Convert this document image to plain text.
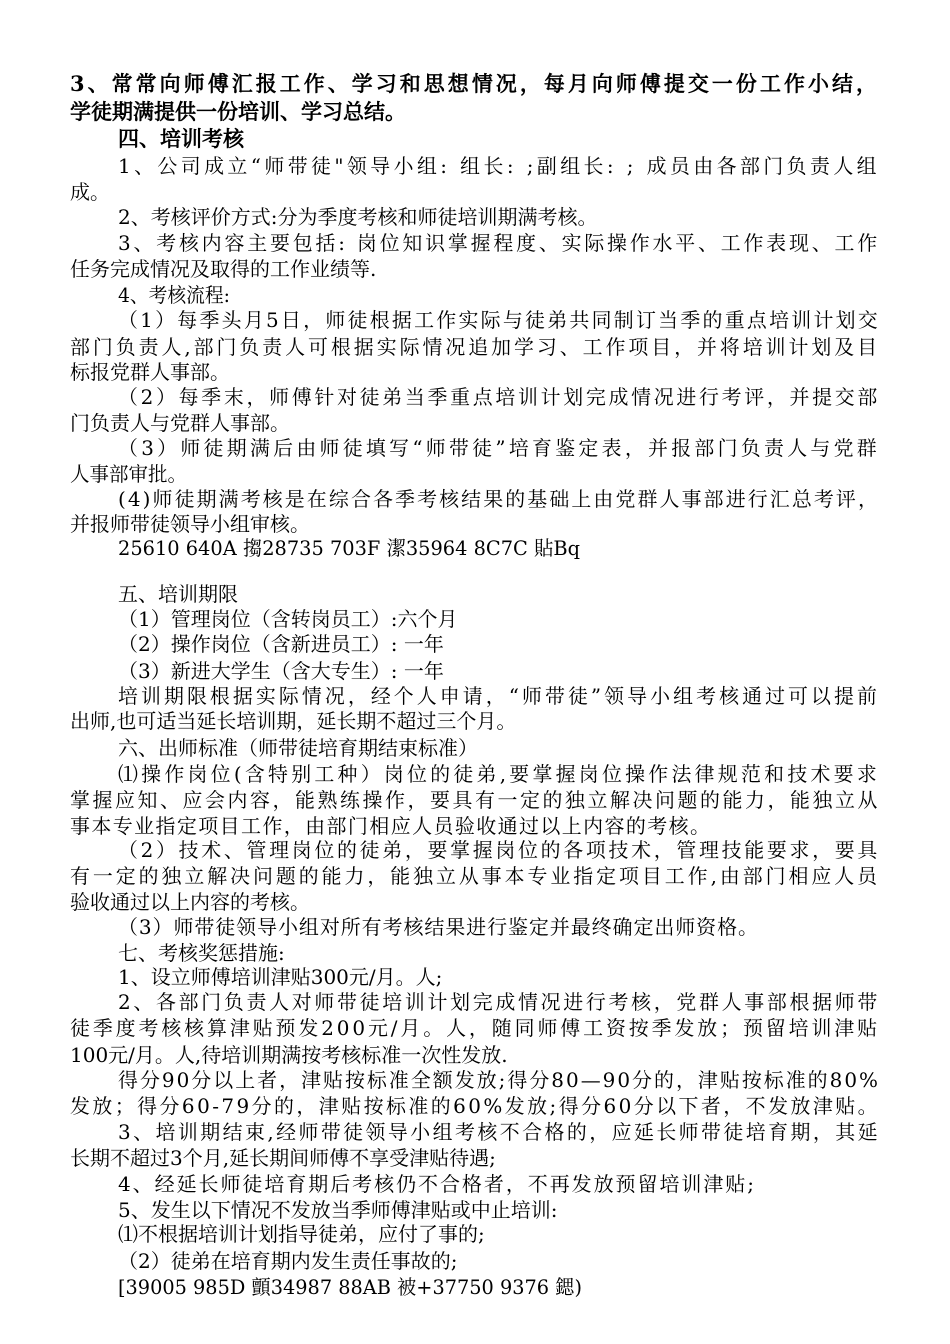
3、常常向师傅汇报工作、学习和思想情况，每月向师傅提交一份工作小结，
学徒期满提供一份培训、学习总结。
四、培训考核
1、公司成立“师带徒"领导小组: 组长: ;副组长: ; 成员由各部门负责人组
成。
2、考核评价方式:分为季度考核和师徒培训期满考核。
3、考核内容主要包括: 岗位知识掌握程度、实际操作水平、工作表现、工作
任务完成情况及取得的工作业绩等.
4、考核流程:
（1）每季头月5日，师徒根据工作实际与徒弟共同制订当季的重点培训计划交
部门负责人,部门负责人可根据实际情况追加学习、工作项目，并将培训计划及目
标报党群人事部。
（2）每季末，师傅针对徒弟当季重点培训计划完成情况进行考评，并提交部
门负责人与党群人事部。
（3）师徒期满后由师徒填写“师带徒”培育鉴定表，并报部门负责人与党群
人事部审批。
(4)师徒期满考核是在综合各季考核结果的基础上由党群人事部进行汇总考评，
并报师带徒领导小组审核。
25610 640A 搊28735 703F 潔35964 8C7C 貼Bq
五、培训期限
（1）管理岗位（含转岗员工）:六个月
（2）操作岗位（含新进员工）: 一年
（3）新进大学生（含大专生）: 一年
培训期限根据实际情况，经个人申请，“师带徒”领导小组考核通过可以提前
出师,也可适当延长培训期，延长期不超过三个月。
六、出师标准（师带徒培育期结束标准）
⑴操作岗位(含特别工种）岗位的徒弟,要掌握岗位操作法律规范和技术要求
掌握应知、应会内容，能熟练操作，要具有一定的独立解决问题的能力，能独立从
事本专业指定项目工作，由部门相应人员验收通过以上内容的考核。
（2）技术、管理岗位的徒弟，要掌握岗位的各项技术，管理技能要求，要具
有一定的独立解决问题的能力，能独立从事本专业指定项目工作,由部门相应人员
验收通过以上内容的考核。
（3）师带徒领导小组对所有考核结果进行鉴定并最终确定出师资格。
七、考核奖惩措施:
1、设立师傅培训津贴300元/月。人;
2、各部门负责人对师带徒培训计划完成情况进行考核，党群人事部根据师带
徒季度考核核算津贴预发200元/月。人，随同师傅工资按季发放；预留培训津贴
100元/月。人,待培训期满按考核标准一次性发放.
得分90分以上者，津贴按标准全额发放;得分80—90分的，津贴按标准的80%
发放；得分60-79分的，津贴按标准的60%发放;得分60分以下者，不发放津贴。
3、培训期结束,经师带徒领导小组考核不合格的，应延长师带徒培育期，其延
长期不超过3个月,延长期间师傅不享受津贴待遇;
4、经延长师徒培育期后考核仍不合格者，不再发放预留培训津贴;
5、发生以下情况不发放当季师傅津贴或中止培训:
⑴不根据培训计划指导徒弟，应付了事的;
（2）徒弟在培育期内发生责任事故的;
[39005 985D 顫34987 88AB 被+37750 9376 鍶)
